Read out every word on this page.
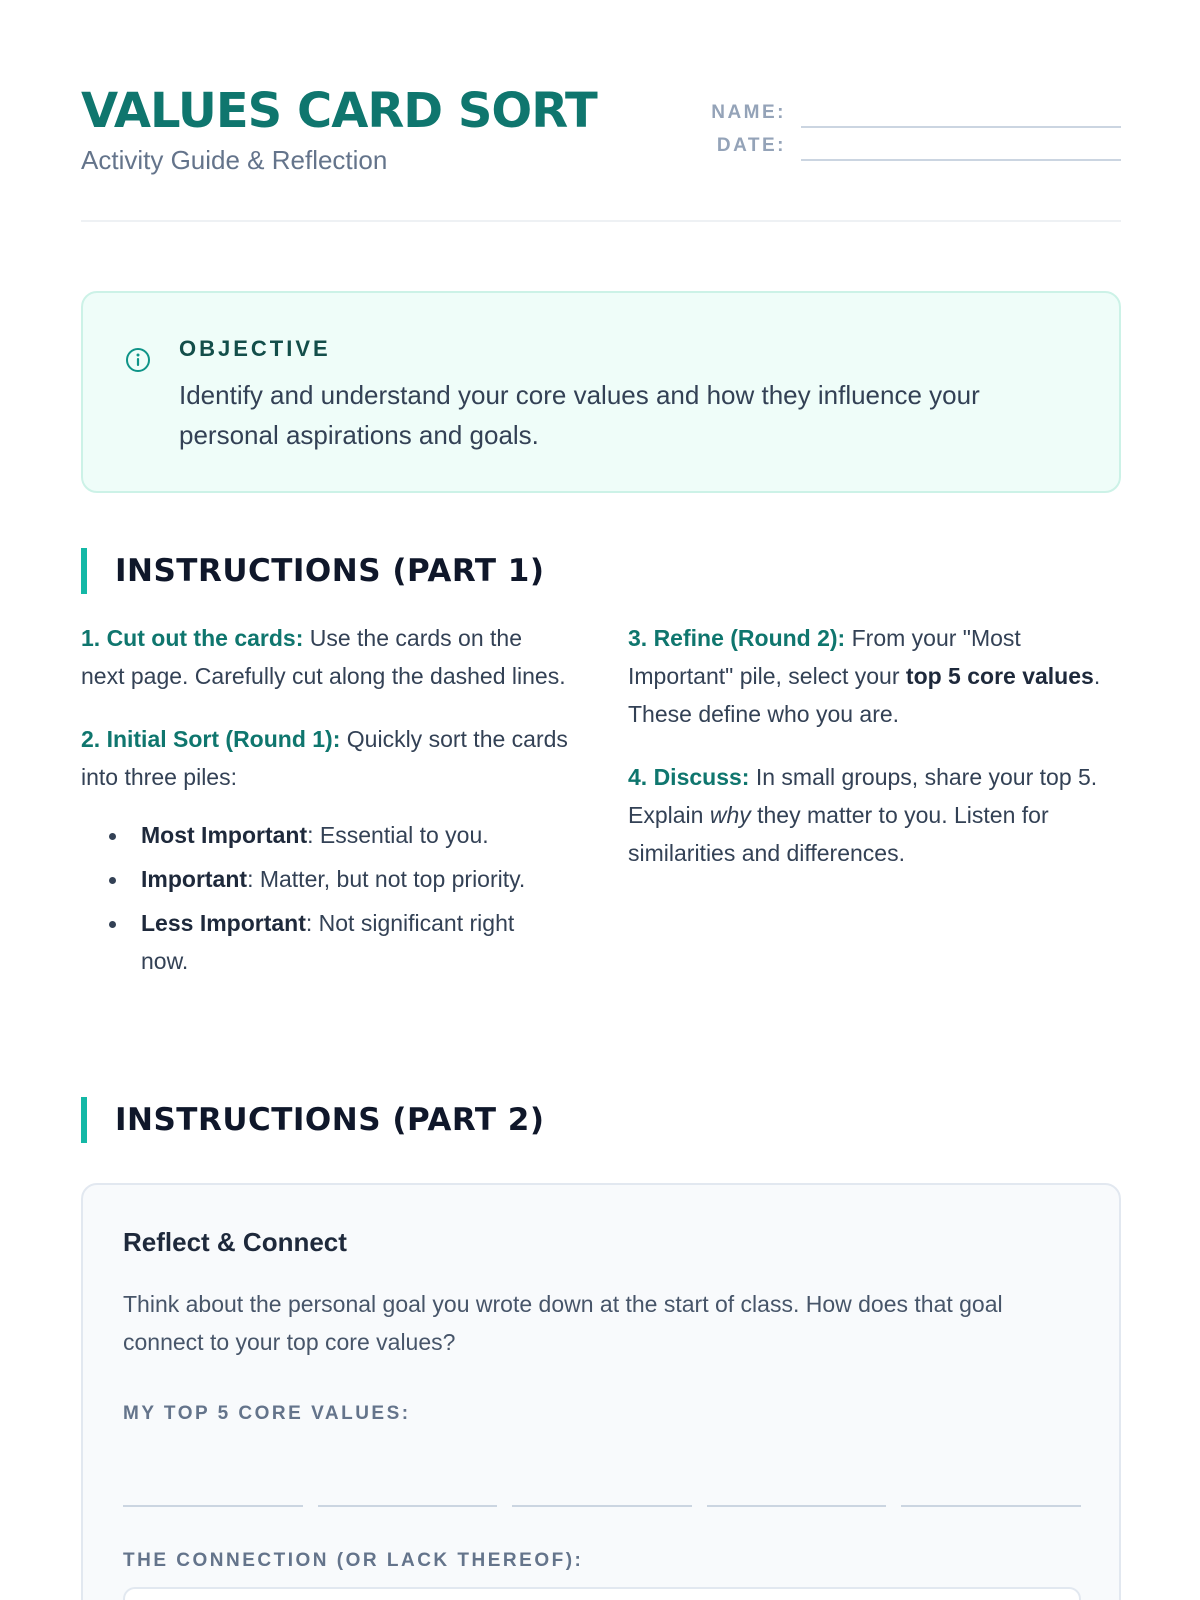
VALUES CARD SORT
Activity Guide & Reflection
NAME:
DATE:
OBJECTIVE
Identify and understand your core values and how they influence your personal aspirations and goals.
INSTRUCTIONS (PART 1)

1. Cut out the cards: Use the cards on the next page. Carefully cut along the dashed lines.

2. Initial Sort (Round 1): Quickly sort the cards into three piles:

Most Important: Essential to you.
Important: Matter, but not top priority.
Less Important: Not significant right now.

3. Refine (Round 2): From your "Most Important" pile, select your top 5 core values. These define who you are.

4. Discuss: In small groups, share your top 5. Explain why they matter to you. Listen for similarities and differences.

INSTRUCTIONS (PART 2)
Reflect & Connect
Think about the personal goal you wrote down at the start of class. How does that goal connect to your top core values?
MY TOP 5 CORE VALUES:
THE CONNECTION (OR LACK THEREOF):
